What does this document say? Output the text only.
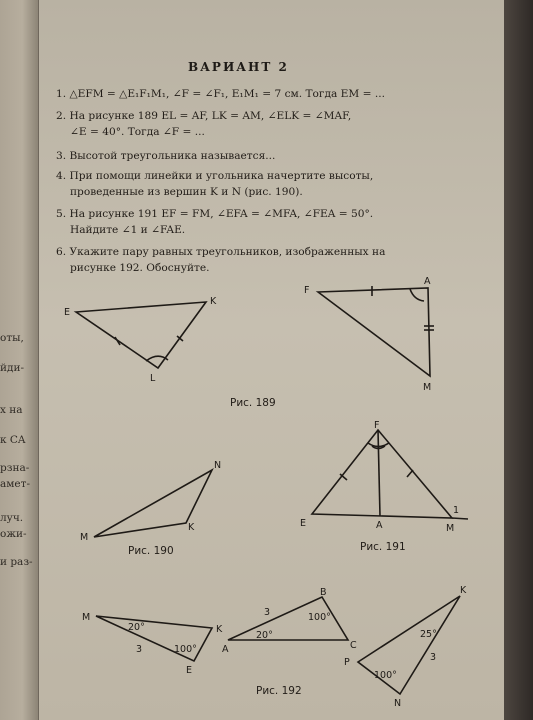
оты,
йди-
х на
к CA
рзна-
амет-
луч.
ожи-
и раз-
ВАРИАНТ 2
1. △EFM = △E₁F₁M₁, ∠F = ∠F₁, E₁M₁ = 7 см. Тогда EM = ...
2. На рисунке 189 EL = AF, LK = AM, ∠ELK = ∠MAF,
∠E = 40°. Тогда ∠F = ...
3. Высотой треугольника называется...
4. При помощи линейки и угольника начертите высоты,
проведенные из вершин K и N (рис. 190).
5. На рисунке 191 EF = FM, ∠EFA = ∠MFA, ∠FEA = 50°.
Найдите ∠1 и ∠FAE.
6. Укажите пару равных треугольников, изображенных на
рисунке 192. Обоснуйте.
E
K
L
F
A
M
Рис. 189
N
M
K
Рис. 190
F
E	A	M
1
Рис. 191
M
K
E
20°
3	100°
B
A	C
3
20°
100°
K
P
N
25°
3
100°
Рис. 192
